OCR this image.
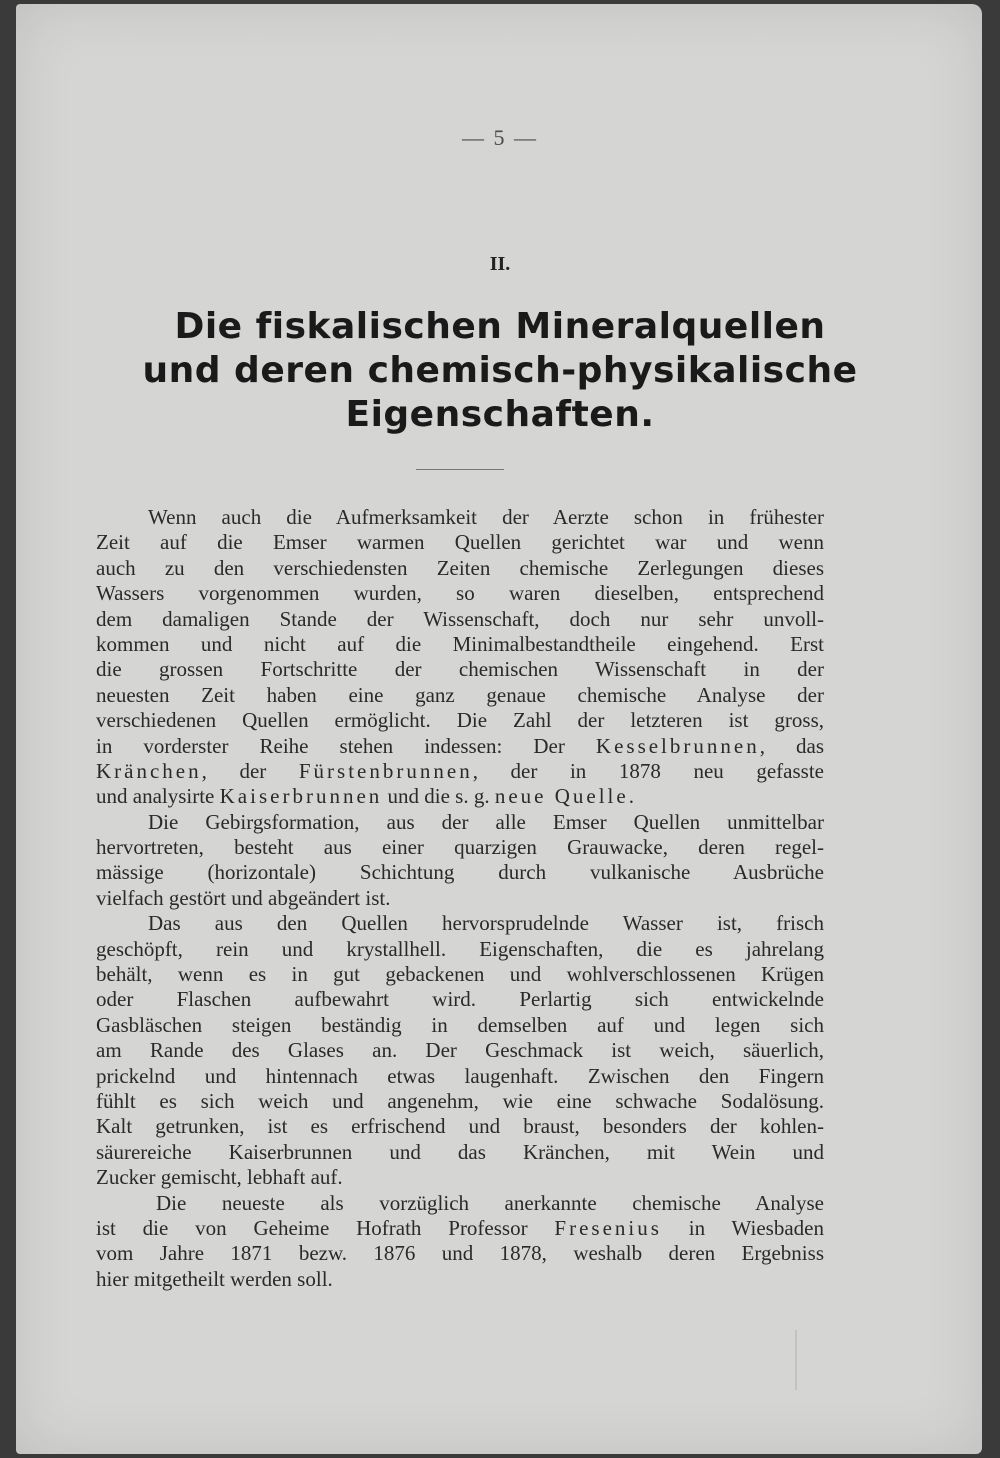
— 5 —
II.
Die fiskalischen Mineralquellen
und deren chemisch-physikalische
Eigenschaften.
Wenn auch die Aufmerksamkeit der Aerzte schon in frühester
Zeit auf die Emser warmen Quellen gerichtet war und wenn
auch zu den verschiedensten Zeiten chemische Zerlegungen dieses
Wassers vorgenommen wurden, so waren dieselben, entsprechend
dem damaligen Stande der Wissenschaft, doch nur sehr unvoll-
kommen und nicht auf die Minimalbestandtheile eingehend. Erst
die grossen Fortschritte der chemischen Wissenschaft in der
neuesten Zeit haben eine ganz genaue chemische Analyse der
verschiedenen Quellen ermöglicht. Die Zahl der letzteren ist gross,
in vorderster Reihe stehen indessen: Der Kesselbrunnen, das
Kränchen, der Fürstenbrunnen, der in 1878 neu gefasste
und analysirte Kaiserbrunnen und die s. g. neue Quelle.
Die Gebirgsformation, aus der alle Emser Quellen unmittelbar
hervortreten, besteht aus einer quarzigen Grauwacke, deren regel-
mässige (horizontale) Schichtung durch vulkanische Ausbrüche
vielfach gestört und abgeändert ist.
Das aus den Quellen hervorsprudelnde Wasser ist, frisch
geschöpft, rein und krystallhell. Eigenschaften, die es jahrelang
behält, wenn es in gut gebackenen und wohlverschlossenen Krügen
oder Flaschen aufbewahrt wird. Perlartig sich entwickelnde
Gasbläschen steigen beständig in demselben auf und legen sich
am Rande des Glases an. Der Geschmack ist weich, säuerlich,
prickelnd und hintennach etwas laugenhaft. Zwischen den Fingern
fühlt es sich weich und angenehm, wie eine schwache Sodalösung.
Kalt getrunken, ist es erfrischend und braust, besonders der kohlen-
säurereiche Kaiserbrunnen und das Kränchen, mit Wein und
Zucker gemischt, lebhaft auf.
Die neueste als vorzüglich anerkannte chemische Analyse
ist die von Geheime Hofrath Professor Fresenius in Wiesbaden
vom Jahre 1871 bezw. 1876 und 1878, weshalb deren Ergebniss
hier mitgetheilt werden soll.
